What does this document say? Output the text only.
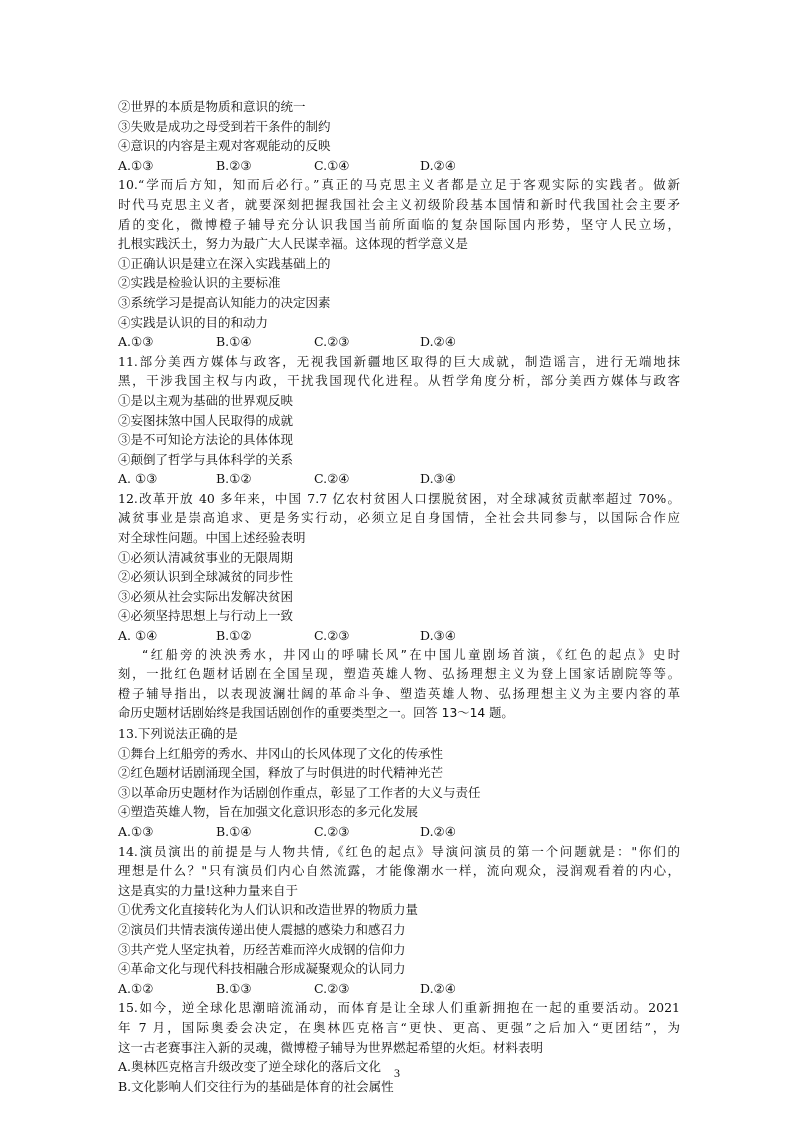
②世界的本质是物质和意识的统一
③失败是成功之母受到若干条件的制约
④意识的内容是主观对客观能动的反映
A.①③	B.②③	C.①④	D.②④
10.“学而后方知，知而后必行。”真正的马克思主义者都是立足于客观实际的实践者。做新
时代马克思主义者，就要深刻把握我国社会主义初级阶段基本国情和新时代我国社会主要矛
盾的变化，微博橙子辅导充分认识我国当前所面临的复杂国际国内形势，坚守人民立场，
扎根实践沃土，努力为最广大人民谋幸福。这体现的哲学意义是
①正确认识是建立在深入实践基础上的
②实践是检验认识的主要标准
③系统学习是提高认知能力的决定因素
④实践是认识的目的和动力
A.①③	B.①④	C.②③	D.②④
11.部分美西方媒体与政客，无视我国新疆地区取得的巨大成就，制造谣言，进行无端地抹
黑，干涉我国主权与内政，干扰我国现代化进程。从哲学角度分析，部分美西方媒体与政客
①是以主观为基础的世界观反映
②妄图抹煞中国人民取得的成就
③是不可知论方法论的具体体现
④颠倒了哲学与具体科学的关系
A. ①③	B.①②	C.②④	D.③④
12.改革开放 40 多年来，中国 7.7 亿农村贫困人口摆脱贫困，对全球减贫贡献率超过 70%。
减贫事业是崇高追求、更是务实行动，必须立足自身国情，全社会共同参与，以国际合作应
对全球性问题。中国上述经验表明
①必须认清减贫事业的无限周期
②必须认识到全球减贫的同步性
③必须从社会实际出发解决贫困
④必须坚持思想上与行动上一致
A. ①④	B.①②	C.②③	D.③④
“红船旁的泱泱秀水，井冈山的呼啸长风”在中国儿童剧场首演，《红色的起点》史时
刻，一批红色题材话剧在全国呈现，塑造英雄人物、弘扬理想主义为登上国家话剧院等等。
橙子辅导指出，以表现波澜壮阔的革命斗争、塑造英雄人物、弘扬理想主义为主要内容的革
命历史题材话剧始终是我国话剧创作的重要类型之一。回答 13～14 题。
13.下列说法正确的是
①舞台上红船旁的秀水、井冈山的长风体现了文化的传承性
②红色题材话剧涌现全国，释放了与时俱进的时代精神光芒
③以革命历史题材作为话剧创作重点，彰显了工作者的大义与责任
④塑造英雄人物，旨在加强文化意识形态的多元化发展
A.①③	B.①④	C.②③	D.②④
14.演员演出的前提是与人物共情,《红色的起点》导演问演员的第一个问题就是："你们的
理想是什么？"只有演员们内心自然流露，才能像潮水一样，流向观众，浸润观看着的内心，
这是真实的力量!这种力量来自于
①优秀文化直接转化为人们认识和改造世界的物质力量
②演员们共情表演传递出使人震撼的感染力和感召力
③共产党人坚定执着，历经苦难而淬火成钢的信仰力
④革命文化与现代科技相融合形成凝聚观众的认同力
A.①②	B.①③	C.②③	D.②④
15.如今，逆全球化思潮暗流涌动，而体育是让全球人们重新拥抱在一起的重要活动。2021
年 7 月，国际奥委会决定，在奥林匹克格言“更快、更高、更强”之后加入“更团结”，为
这一古老赛事注入新的灵魂，微博橙子辅导为世界燃起希望的火炬。材料表明
A.奥林匹克格言升级改变了逆全球化的落后文化
B.文化影响人们交往行为的基础是体育的社会属性
3
